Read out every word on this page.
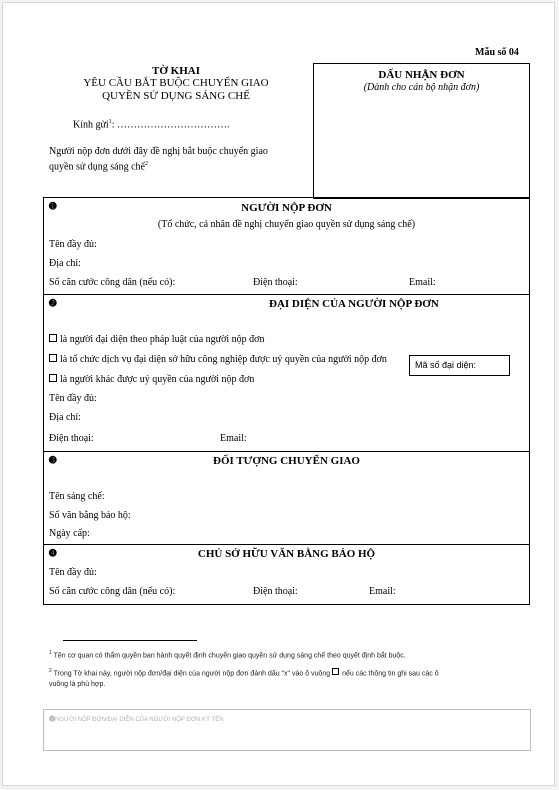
Mẫu số 04
TỜ KHAI
YÊU CẦU BẮT BUỘC CHUYỂN GIAO
QUYỀN SỬ DỤNG SÁNG CHẾ
Kính gửi$^1$: …………………………….
Người nộp đơn dưới đây đề nghị bắt buộc chuyển giao
quyền sử dụng sáng chế$^2$
DẤU NHẬN ĐƠN
(Dành cho cán bộ nhận đơn)
➊	NGƯỜI NỘP ĐƠN
(Tổ chức, cá nhân đề nghị chuyển giao quyền sử dụng sáng chế)
Tên đầy đủ:
Địa chỉ:
Số căn cước công dân (nếu có):	Điện thoại:	Email:
➋	ĐẠI DIỆN CỦA NGƯỜI NỘP ĐƠN
là người đại diện theo pháp luật của người nộp đơn
là tổ chức dịch vụ đại diện sở hữu công nghiệp được uỷ quyền của người nộp đơn	Mã số đại diện:
là người khác được uỷ quyền của người nộp đơn
Tên đầy đủ:
Địa chỉ:
Điện thoại:	Email:
➌	ĐỐI TƯỢNG CHUYỂN GIAO
Tên sáng chế:
Số văn bằng bảo hộ:
Ngày cấp:
➍	CHỦ SỞ HỮU VĂN BẰNG BẢO HỘ
Tên đầy đủ:
Số căn cước công dân (nếu có):	Điện thoại:	Email:
$^1$ Tên cơ quan có thẩm quyền ban hành quyết định chuyển giao quyền sử dụng sáng chế theo quyết định bắt buộc.
$^2$ Trong Tờ khai này, người nộp đơn/đại diện của người nộp đơn đánh dấu "x" vào ô vuông nếu các thông tin ghi sau các ô
vuông là phù hợp.
⓫NGƯỜI NỘP ĐƠN/ĐẠI DIỆN CỦA NGƯỜI NỘP ĐƠN KÝ TÊN
